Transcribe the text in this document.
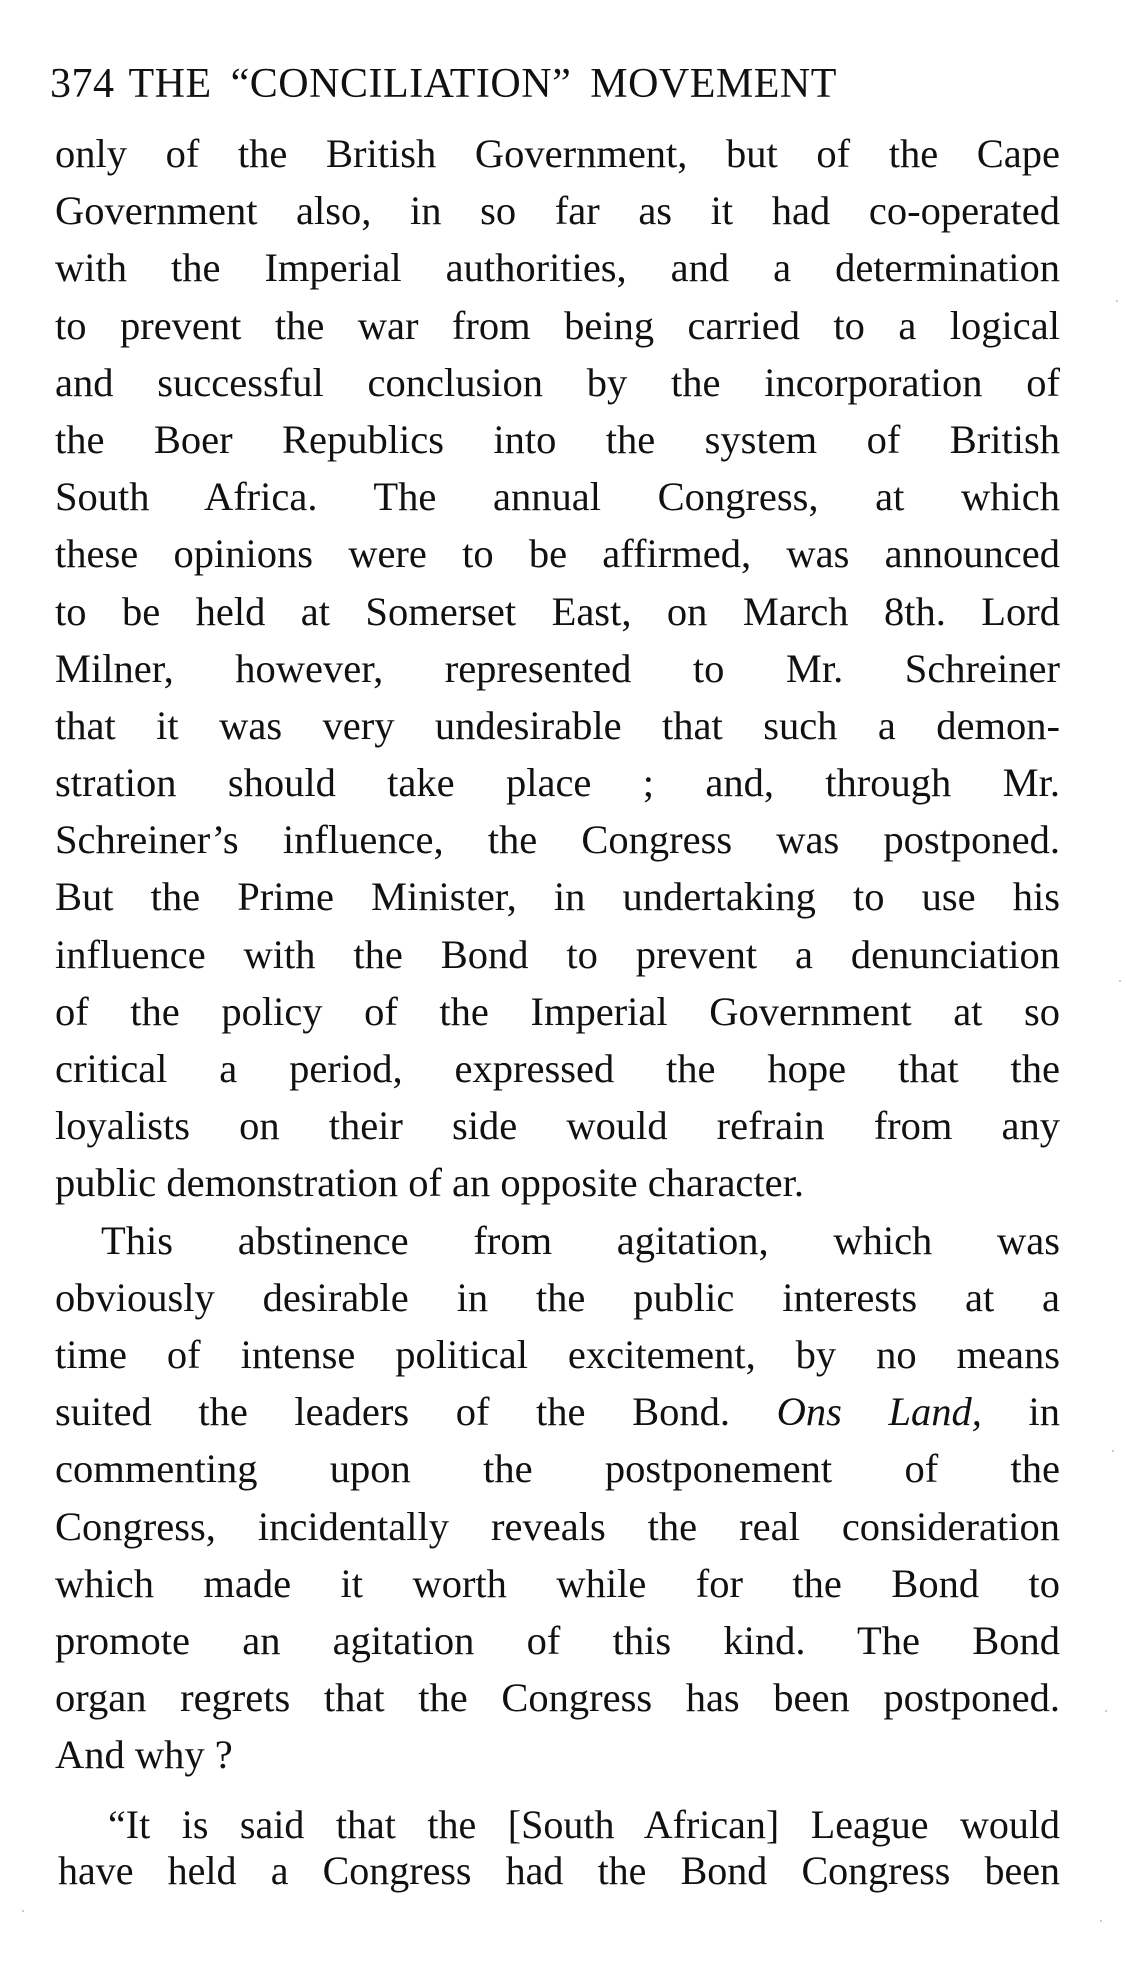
374 THE “CONCILIATION” MOVEMENT
only of the British Government, but of the Cape
Government also, in so far as it had co-operated
with the Imperial authorities, and a determination
to prevent the war from being carried to a logical
and successful conclusion by the incorporation of
the Boer Republics into the system of British
South Africa. The annual Congress, at which
these opinions were to be affirmed, was announced
to be held at Somerset East, on March 8th. Lord
Milner, however, represented to Mr. Schreiner
that it was very undesirable that such a demon-
stration should take place ; and, through Mr.
Schreiner’s influence, the Congress was postponed.
But the Prime Minister, in undertaking to use his
influence with the Bond to prevent a denunciation
of the policy of the Imperial Government at so
critical a period, expressed the hope that the
loyalists on their side would refrain from any
public demonstration of an opposite character.
This abstinence from agitation, which was
obviously desirable in the public interests at a
time of intense political excitement, by no means
suited the leaders of the Bond. Ons Land, in
commenting upon the postponement of the
Congress, incidentally reveals the real consideration
which made it worth while for the Bond to
promote an agitation of this kind. The Bond
organ regrets that the Congress has been postponed.
And why ?
“It is said that the [South African] League would
have held a Congress had the Bond Congress been
